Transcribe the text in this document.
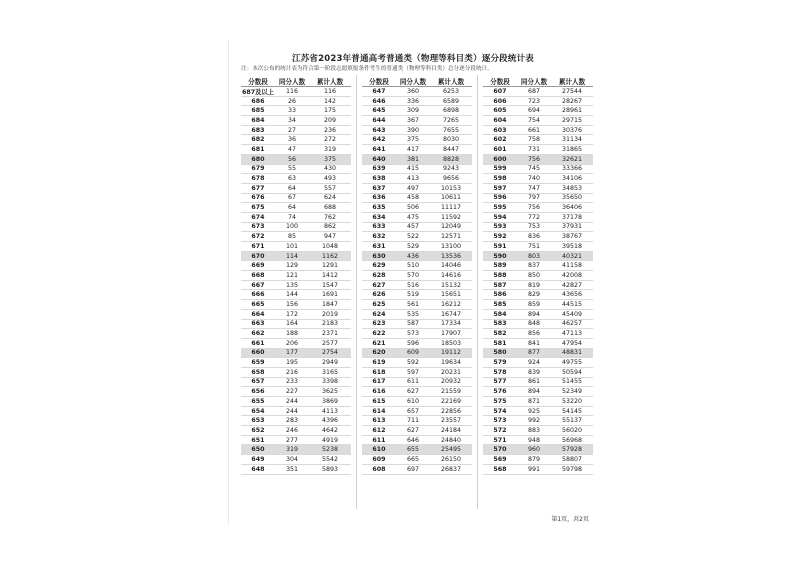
江苏省2023年普通高考普通类（物理等科目类）逐分段统计表
注：本次公布的统计表为符合第一阶段志愿填报条件考生的普通类（物理等科目类）总分逐分段统计。
分数段	同分人数	累计人数
687及以上	116	116
686	26	142
685	33	175
684	34	209
683	27	236
682	36	272
681	47	319
680	56	375
679	55	430
678	63	493
677	64	557
676	67	624
675	64	688
674	74	762
673	100	862
672	85	947
671	101	1048
670	114	1162
669	129	1291
668	121	1412
667	135	1547
666	144	1691
665	156	1847
664	172	2019
663	164	2183
662	188	2371
661	206	2577
660	177	2754
659	195	2949
658	216	3165
657	233	3398
656	227	3625
655	244	3869
654	244	4113
653	283	4396
652	246	4642
651	277	4919
650	319	5238
649	304	5542
648	351	5893
分数段	同分人数	累计人数
647	360	6253
646	336	6589
645	309	6898
644	367	7265
643	390	7655
642	375	8030
641	417	8447
640	381	8828
639	415	9243
638	413	9656
637	497	10153
636	458	10611
635	506	11117
634	475	11592
633	457	12049
632	522	12571
631	529	13100
630	436	13536
629	510	14046
628	570	14616
627	516	15132
626	519	15651
625	561	16212
624	535	16747
623	587	17334
622	573	17907
621	596	18503
620	609	19112
619	592	19634
618	597	20231
617	611	20932
616	627	21559
615	610	22169
614	657	22856
613	711	23557
612	627	24184
611	646	24840
610	655	25495
609	665	26150
608	697	26837
分数段	同分人数	累计人数
607	687	27544
606	723	28267
605	694	28961
604	754	29715
603	661	30376
602	758	31134
601	731	31865
600	756	32621
599	745	33366
598	740	34106
597	747	34853
596	797	35650
595	756	36406
594	772	37178
593	753	37931
592	836	38767
591	751	39518
590	803	40321
589	837	41158
588	850	42008
587	819	42827
586	829	43656
585	859	44515
584	894	45409
583	848	46257
582	856	47113
581	841	47954
580	877	48831
579	924	49755
578	839	50594
577	861	51455
576	894	52349
575	871	53220
574	925	54145
573	992	55137
572	883	56020
571	948	56968
570	960	57928
569	879	58807
568	991	59798
第1页，共2页
